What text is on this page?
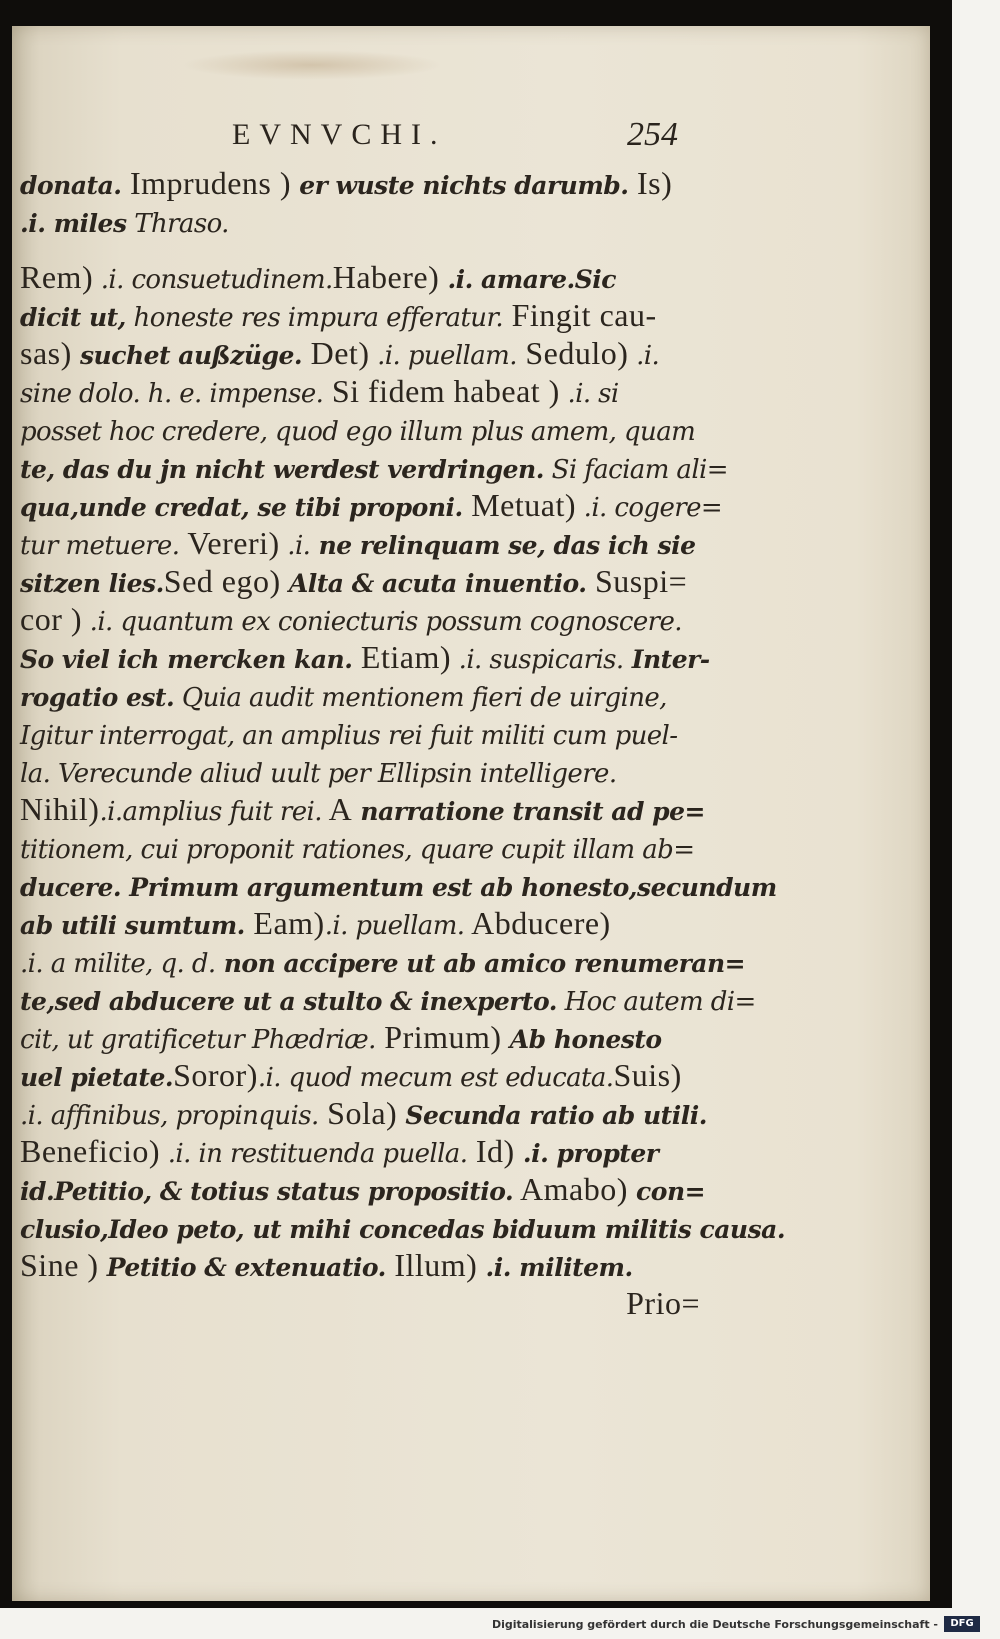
EVNVCHI.	254
donata. Imprudens ) er wuste nichts darumb. Is)
.i. miles Thraso.
Rem) .i. consuetudinem.Habere) .i. amare.Sic
dicit ut, honeste res impura efferatur. Fingit cau-
sas) suchet außzüge. Det) .i. puellam. Sedulo) .i.
sine dolo. h. e. impense. Si fidem habeat ) .i. si
posset hoc credere, quod ego illum plus amem, quam
te, das du jn nicht werdest verdringen. Si faciam ali=
qua,unde credat, se tibi proponi. Metuat) .i. cogere=
tur metuere. Vereri) .i. ne relinquam se, das ich sie
sitzen lies.Sed ego) Alta & acuta inuentio. Suspi=
cor ) .i. quantum ex coniecturis possum cognoscere.
So viel ich mercken kan. Etiam) .i. suspicaris. Inter-
rogatio est. Quia audit mentionem fieri de uirgine,
Igitur interrogat, an amplius rei fuit militi cum puel-
la. Verecunde aliud uult per Ellipsin intelligere.
Nihil).i.amplius fuit rei. A narratione transit ad pe=
titionem, cui proponit rationes, quare cupit illam ab=
ducere. Primum argumentum est ab honesto,secundum
ab utili sumtum. Eam).i. puellam. Abducere)
.i. a milite, q. d. non accipere ut ab amico renumeran=
te,sed abducere ut a stulto & inexperto. Hoc autem di=
cit, ut gratificetur Phædriæ. Primum) Ab honesto
uel pietate.Soror).i. quod mecum est educata.Suis)
.i. affinibus, propinquis. Sola) Secunda ratio ab utili.
Beneficio) .i. in restituenda puella. Id) .i. propter
id.Petitio, & totius status propositio. Amabo) con=
clusio,Ideo peto, ut mihi concedas biduum militis causa.
Sine ) Petitio & extenuatio. Illum) .i. militem.
Prio=
Digitalisierung gefördert durch die Deutsche Forschungsgemeinschaft -	DFG
